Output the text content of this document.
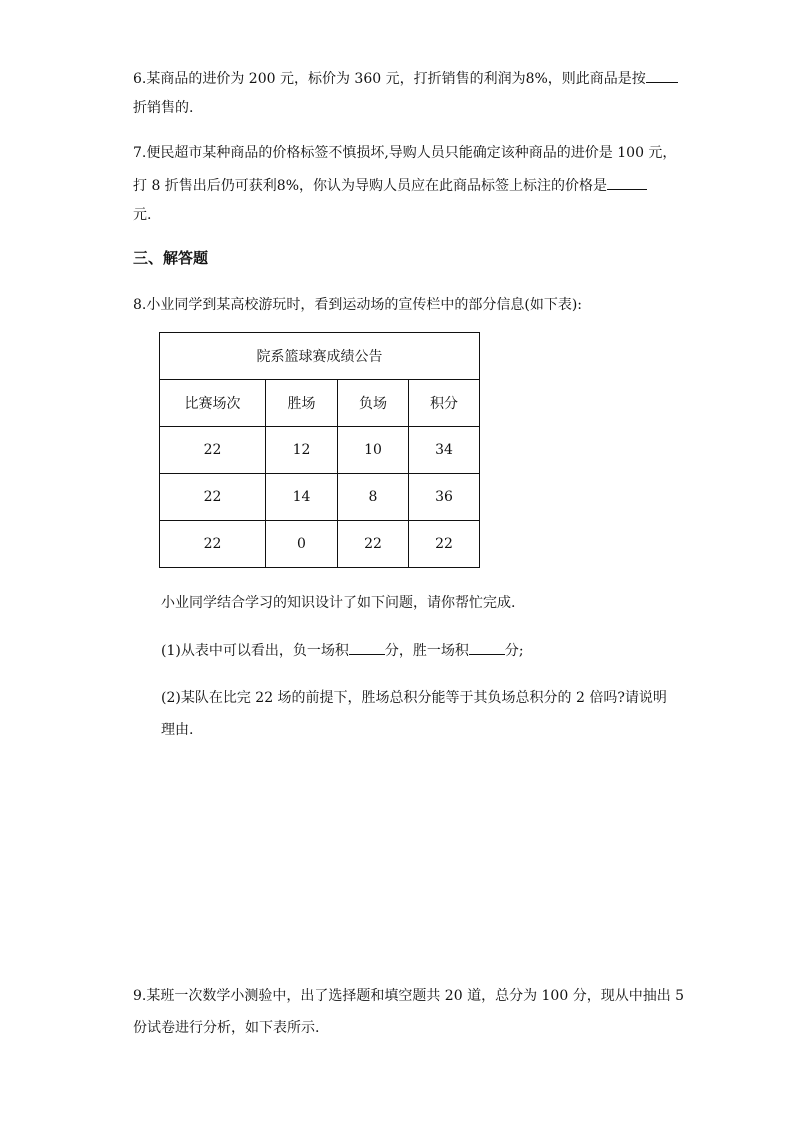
6.某商品的进价为 200 元，标价为 360 元，打折销售的利润为8%，则此商品是按
折销售的.
7.便民超市某种商品的价格标签不慎损坏,导购人员只能确定该种商品的进价是 100 元，
打 8 折售出后仍可获利8%，你认为导购人员应在此商品标签上标注的价格是
元.
三、解答题
8.小业同学到某高校游玩时，看到运动场的宣传栏中的部分信息(如下表):
院系篮球赛成绩公告			
比赛场次	胜场	负场	积分
22	12	10	34
22	14	8	36
22	0	22	22
小业同学结合学习的知识设计了如下问题，请你帮忙完成.
(1)从表中可以看出，负一场积	分，胜一场积	分;
(2)某队在比完 22 场的前提下，胜场总积分能等于其负场总积分的 2 倍吗?请说明
理由.
9.某班一次数学小测验中，出了选择题和填空题共 20 道，总分为 100 分，现从中抽出 5
份试卷进行分析，如下表所示.
